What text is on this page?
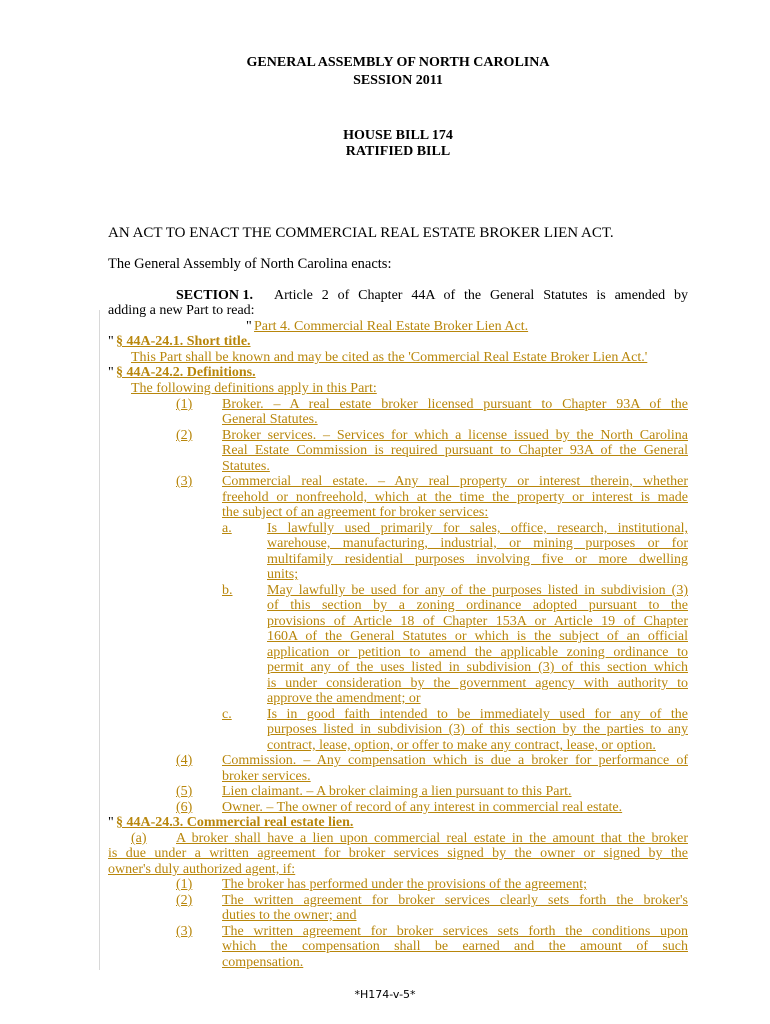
GENERAL ASSEMBLY OF NORTH CAROLINA
SESSION 2011
HOUSE BILL 174
RATIFIED BILL
AN ACT TO ENACT THE COMMERCIAL REAL ESTATE BROKER LIEN ACT.
The General Assembly of North Carolina enacts:
SECTION 1. Article 2 of Chapter 44A of the General Statutes is amended by
adding a new Part to read:
" Part 4. Commercial Real Estate Broker Lien Act.
" § 44A-24.1. Short title.
This Part shall be known and may be cited as the 'Commercial Real Estate Broker Lien Act.'
" § 44A-24.2. Definitions.
The following definitions apply in this Part:
(1) Broker. – A real estate broker licensed pursuant to Chapter 93A of the
General Statutes.
(2) Broker services. – Services for which a license issued by the North Carolina
Real Estate Commission is required pursuant to Chapter 93A of the General
Statutes.
(3) Commercial real estate. – Any real property or interest therein, whether
freehold or nonfreehold, which at the time the property or interest is made
the subject of an agreement for broker services:
a.	Is lawfully used primarily for sales, office, research, institutional,
warehouse, manufacturing, industrial, or mining purposes or for
multifamily residential purposes involving five or more dwelling
units;
b. May lawfully be used for any of the purposes listed in subdivision (3)
of this section by a zoning ordinance adopted pursuant to the
provisions of Article 18 of Chapter 153A or Article 19 of Chapter
160A of the General Statutes or which is the subject of an official
application or petition to amend the applicable zoning ordinance to
permit any of the uses listed in subdivision (3) of this section which
is under consideration by the government agency with authority to
approve the amendment; or
c.	Is in good faith intended to be immediately used for any of the
purposes listed in subdivision (3) of this section by the parties to any
contract, lease, option, or offer to make any contract, lease, or option.
(4) Commission. – Any compensation which is due a broker for performance of
broker services.
(5) Lien claimant. – A broker claiming a lien pursuant to this Part.
(6) Owner. – The owner of record of any interest in commercial real estate.
" § 44A-24.3. Commercial real estate lien.
(a) A broker shall have a lien upon commercial real estate in the amount that the broker
is due under a written agreement for broker services signed by the owner or signed by the
owner's duly authorized agent, if:
(1) The broker has performed under the provisions of the agreement;
(2) The written agreement for broker services clearly sets forth the broker's
duties to the owner; and
(3) The written agreement for broker services sets forth the conditions upon
which the compensation shall be earned and the amount of such
compensation.
*H174-v-5*
